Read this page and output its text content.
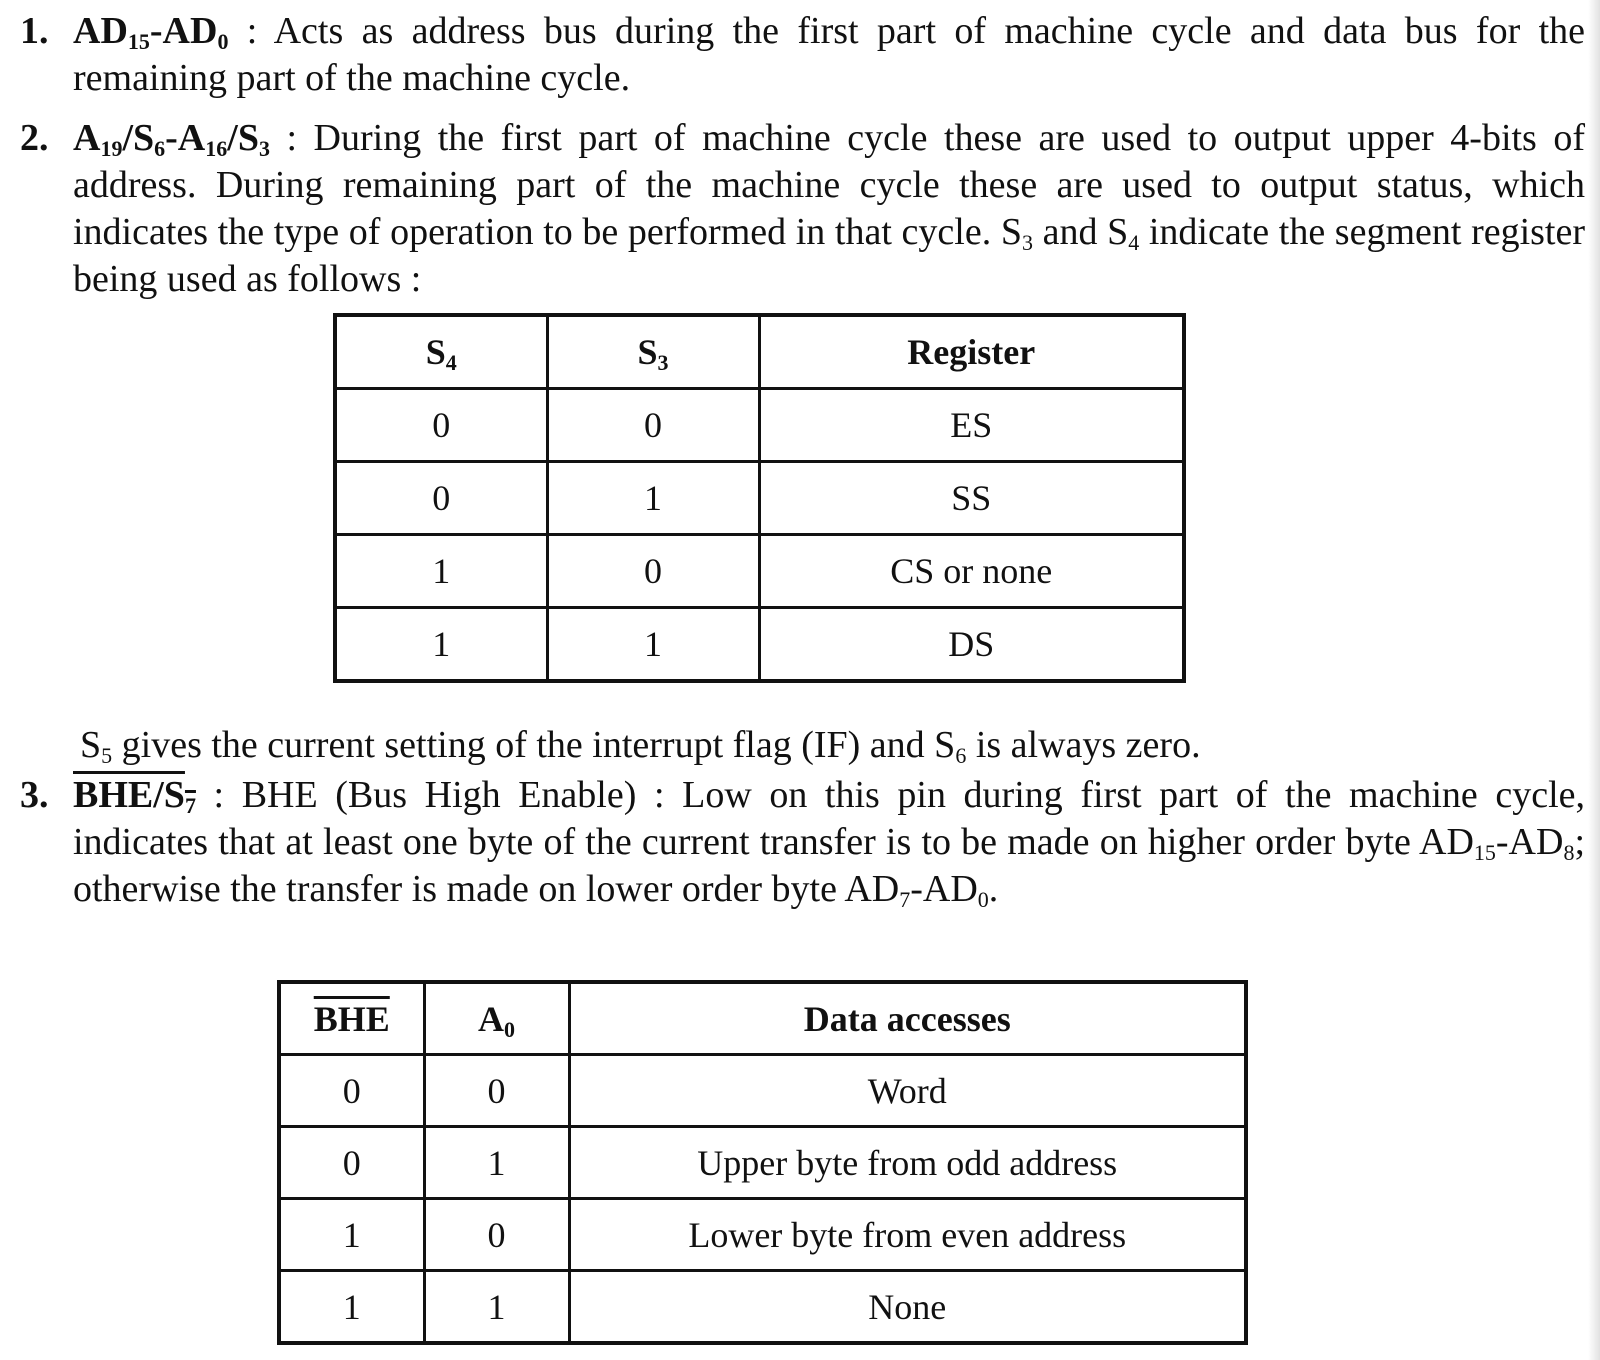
1. $AD_{15}-AD_0$ : Acts as address bus during the first part of machine cycle and data bus for the remaining part of the machine cycle.
2. $A_{19}/S_6-A_{16}/S_3$ : During the first part of machine cycle these are used to output upper 4-bits of address. During remaining part of the machine cycle these are used to output status, which indicates the type of operation to be performed in that cycle. $S_3$ and $S_4$ indicate the segment register being used as follows :
$S_4$	$S_3$	Register
0	0	ES
0	1	SS
1	0	CS or none
1	1	DS
$S_5$ gives the current setting of the interrupt flag (IF) and $S_6$ is always zero.
3. BHE/$S_7$ : BHE (Bus High Enable) : Low on this pin during first part of the machine cycle, indicates that at least one byte of the current transfer is to be made on higher order byte $AD_{15}-AD_8$; otherwise the transfer is made on lower order byte $AD_7-AD_0$.
$\overline{BHE}$	$A_0$	Data accesses
0	0	Word
0	1	Upper byte from odd address
1	0	Lower byte from even address
1	1	None
